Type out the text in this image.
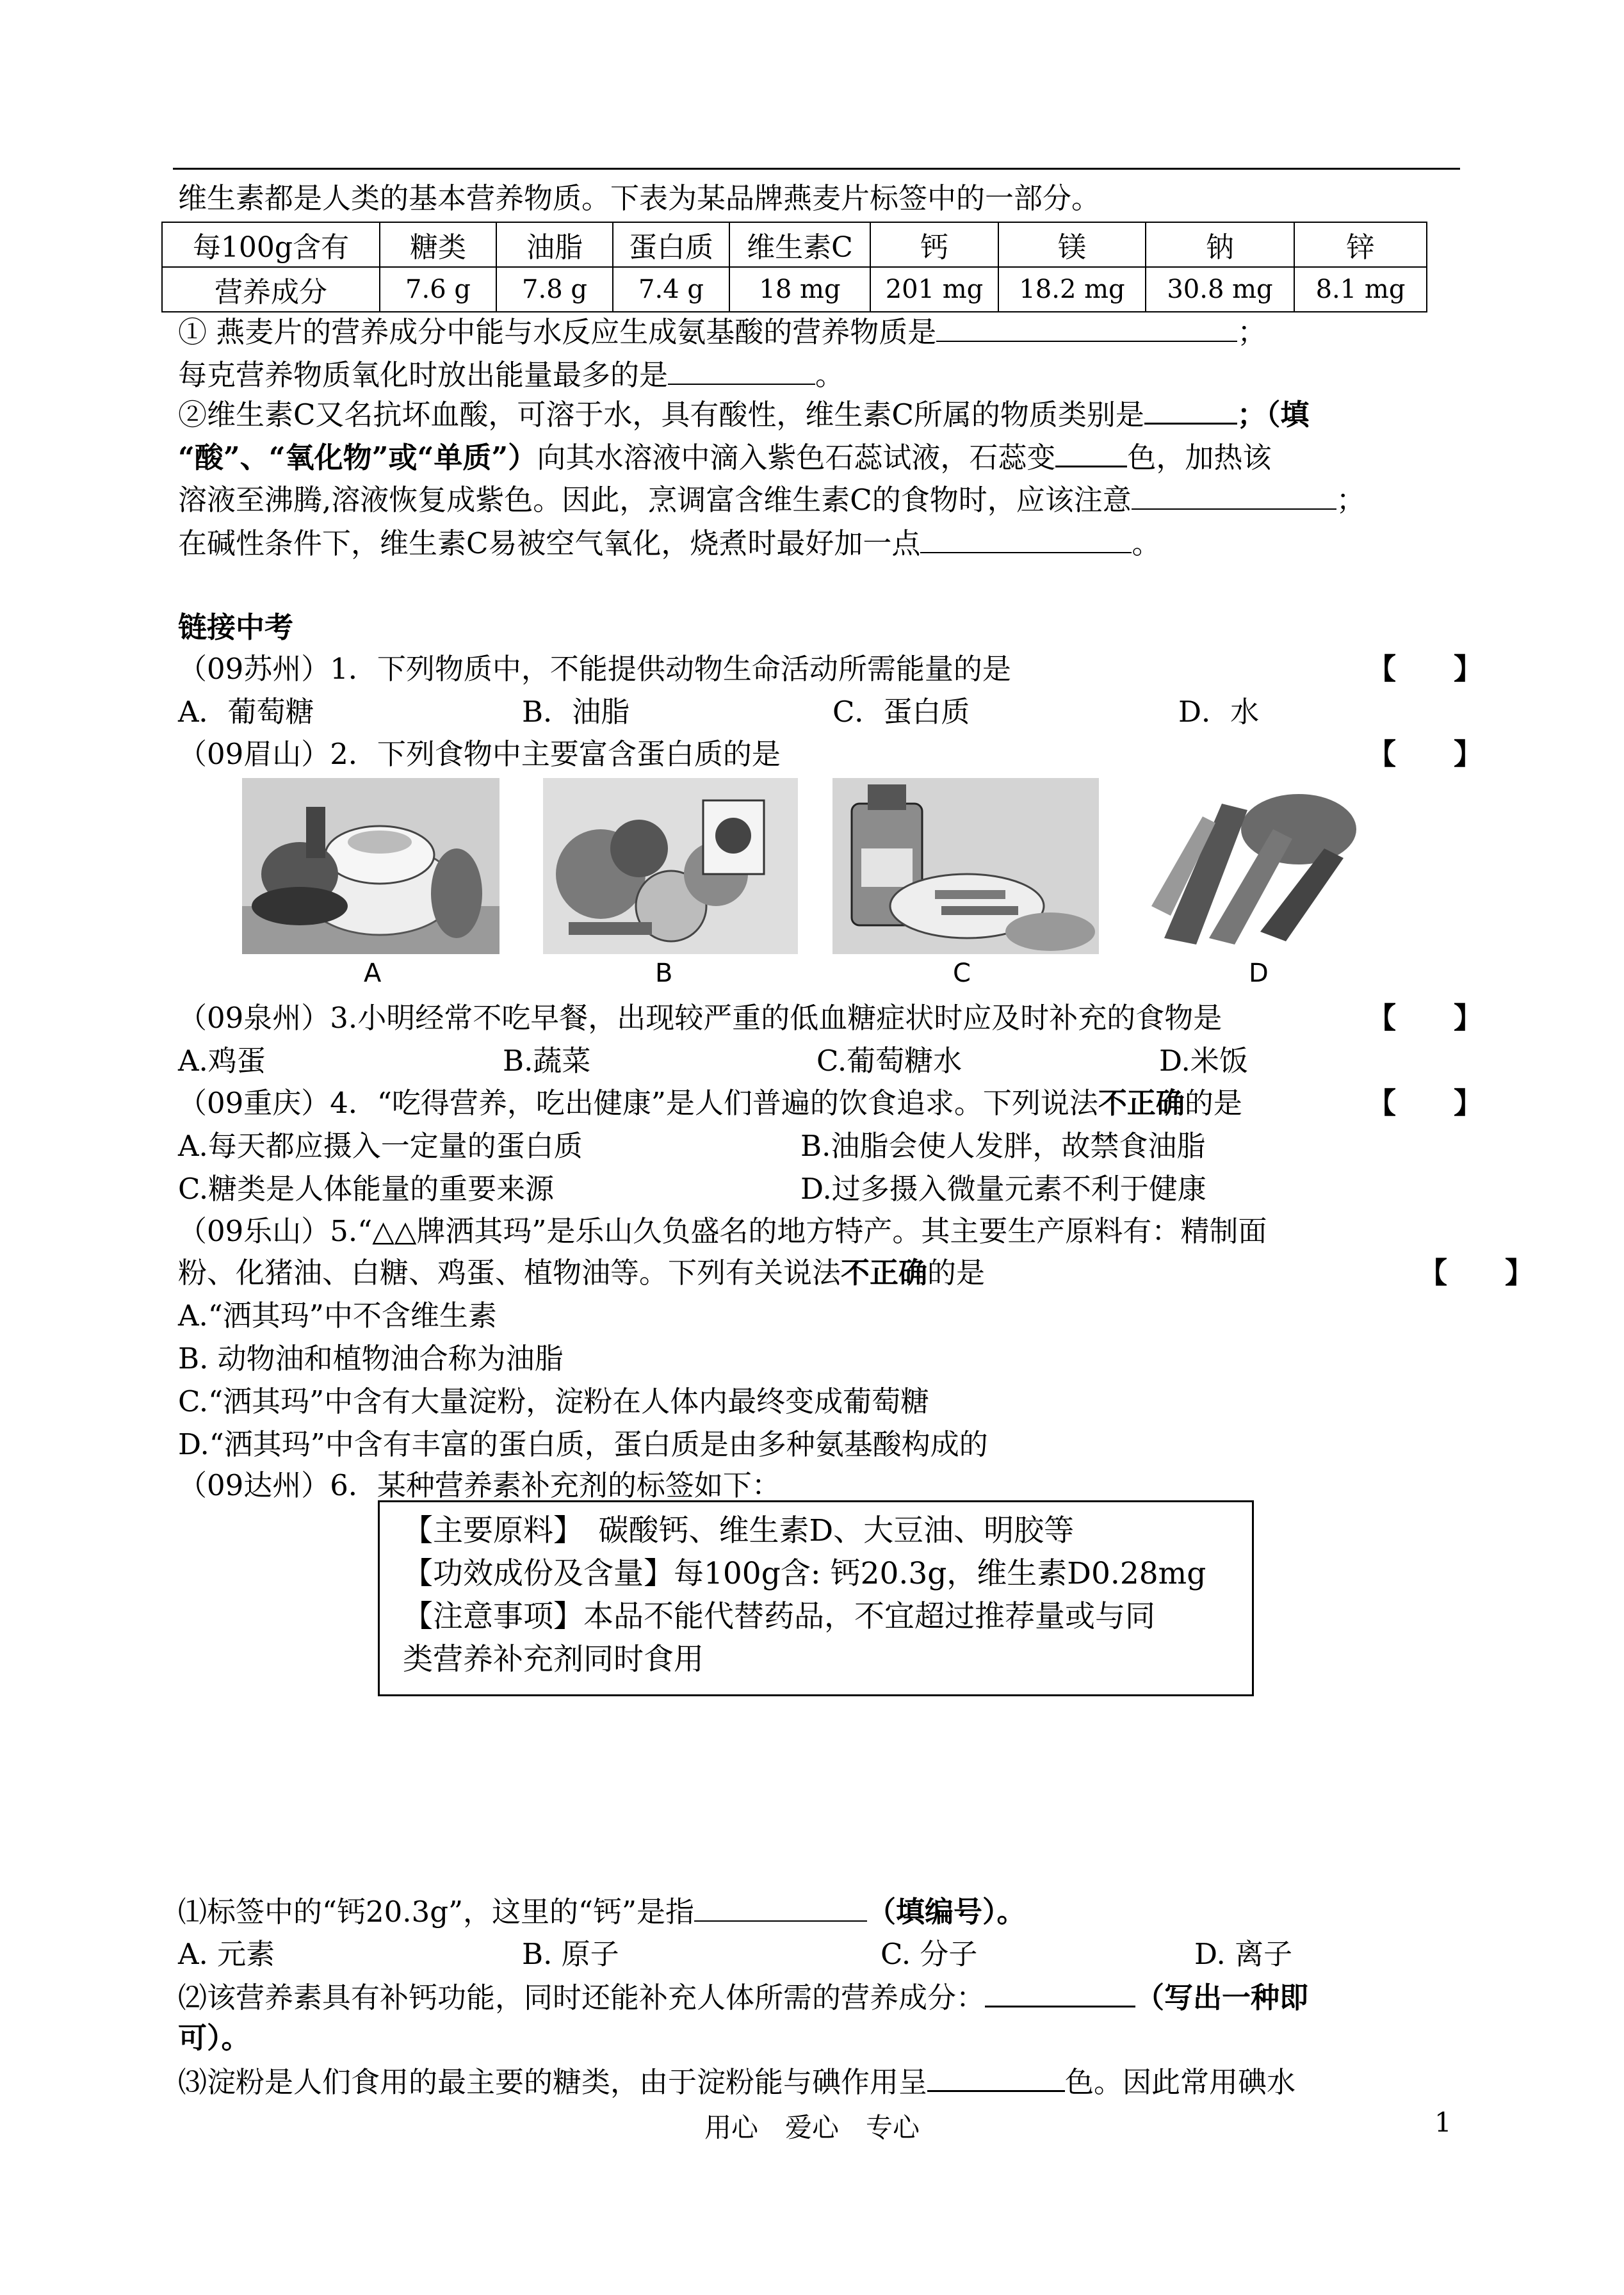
维生素都是人类的基本营养物质。下表为某品牌燕麦片标签中的一部分。
每100g含有	糖类	油脂	蛋白质	维生素C	钙	镁	钠	锌
营养成分	7.6 g	7.8 g	7.4 g	18 mg	201 mg	18.2 mg	30.8 mg	8.1 mg
① 燕麦片的营养成分中能与水反应生成氨基酸的营养物质是	；
每克营养物质氧化时放出能量最多的是	。
②维生素C又名抗坏血酸，可溶于水，具有酸性，维生素C所属的物质类别是	；（填
“酸”、“氧化物”或“单质”）向其水溶液中滴入紫色石蕊试液，石蕊变 色，加热该
溶液至沸腾,溶液恢复成紫色。因此，烹调富含维生素C的食物时，应该注意	；
在碱性条件下，维生素C易被空气氧化，烧煮时最好加一点	。
链接中考
（09苏州）1．下列物质中，不能提供动物生命活动所需能量的是	【　　】
A．葡萄糖	B．油脂	C．蛋白质	D．水
（09眉山）2．下列食物中主要富含蛋白质的是	【　　】
A	B	C	D
（09泉州）3.小明经常不吃早餐，出现较严重的低血糖症状时应及时补充的食物是	【　　】
A.鸡蛋	B.蔬菜	C.葡萄糖水	D.米饭
（09重庆）4．“吃得营养，吃出健康”是人们普遍的饮食追求。下列说法不正确的是	【　　】
A.每天都应摄入一定量的蛋白质	B.油脂会使人发胖，故禁食油脂
C.糖类是人体能量的重要来源	D.过多摄入微量元素不利于健康
（09乐山）5.“△△牌洒其玛”是乐山久负盛名的地方特产。其主要生产原料有：精制面
粉、化猪油、白糖、鸡蛋、植物油等。下列有关说法不正确的是	【　　】
A.“洒其玛”中不含维生素
B. 动物油和植物油合称为油脂
C.“洒其玛”中含有大量淀粉，淀粉在人体内最终变成葡萄糖
D.“洒其玛”中含有丰富的蛋白质，蛋白质是由多种氨基酸构成的
（09达州）6．某种营养素补充剂的标签如下：
【主要原料】　碳酸钙、维生素D、大豆油、明胶等
【功效成份及含量】每100g含: 钙20.3g，维生素D0.28mg
【注意事项】本品不能代替药品，不宜超过推荐量或与同
类营养补充剂同时食用
⑴标签中的“钙20.3g”，这里的“钙”是指	（填编号）。
A. 元素	B. 原子	C. 分子	D. 离子
⑵该营养素具有补钙功能，同时还能补充人体所需的营养成分：	（写出一种即
可）。
⑶淀粉是人们食用的最主要的糖类，由于淀粉能与碘作用呈	色。因此常用碘水
用心　爱心　专心	1
